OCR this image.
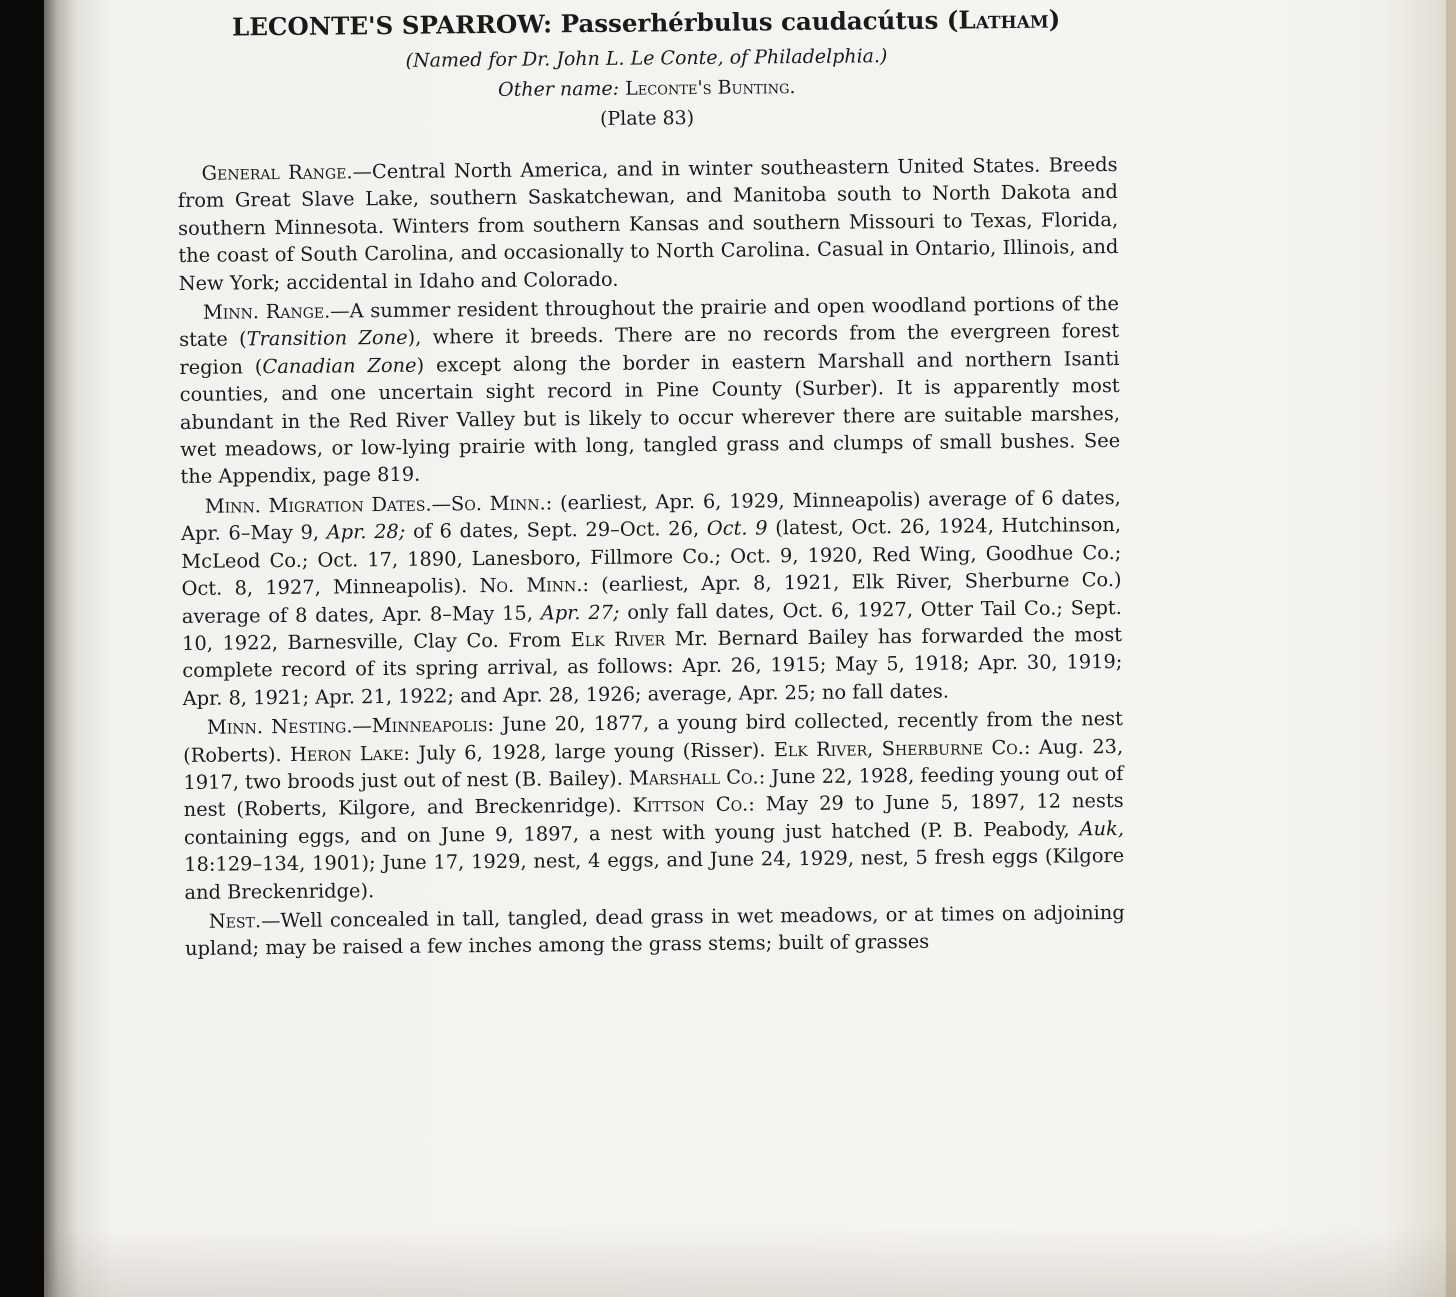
LECONTE'S SPARROW: Passerhérbulus caudacútus (Latham)

(Named for Dr. John L. Le Conte, of Philadelphia.)

Other name: Leconte's Bunting.

(Plate 83)

General Range.—Central North America, and in winter southeastern United States. Breeds from Great Slave Lake, southern Saskatchewan, and Manitoba south to North Dakota and southern Minnesota. Winters from southern Kansas and southern Missouri to Texas, Florida, the coast of South Carolina, and occasionally to North Carolina. Casual in Ontario, Illinois, and New York; accidental in Idaho and Colorado.

Minn. Range.—A summer resident throughout the prairie and open woodland portions of the state (Transition Zone), where it breeds. There are no records from the evergreen forest region (Canadian Zone) except along the border in eastern Marshall and northern Isanti counties, and one uncertain sight record in Pine County (Surber). It is apparently most abundant in the Red River Valley but is likely to occur wherever there are suitable marshes, wet meadows, or low-lying prairie with long, tangled grass and clumps of small bushes. See the Appendix, page 819.

Minn. Migration Dates.—So. Minn.: (earliest, Apr. 6, 1929, Minneapolis) average of 6 dates, Apr. 6–May 9, Apr. 28; of 6 dates, Sept. 29–Oct. 26, Oct. 9 (latest, Oct. 26, 1924, Hutchinson, McLeod Co.; Oct. 17, 1890, Lanesboro, Fillmore Co.; Oct. 9, 1920, Red Wing, Goodhue Co.; Oct. 8, 1927, Minneapolis). No. Minn.: (earliest, Apr. 8, 1921, Elk River, Sherburne Co.) average of 8 dates, Apr. 8–May 15, Apr. 27; only fall dates, Oct. 6, 1927, Otter Tail Co.; Sept. 10, 1922, Barnesville, Clay Co. From Elk River Mr. Bernard Bailey has forwarded the most complete record of its spring arrival, as follows: Apr. 26, 1915; May 5, 1918; Apr. 30, 1919; Apr. 8, 1921; Apr. 21, 1922; and Apr. 28, 1926; average, Apr. 25; no fall dates.

Minn. Nesting.—Minneapolis: June 20, 1877, a young bird collected, recently from the nest (Roberts). Heron Lake: July 6, 1928, large young (Risser). Elk River, Sherburne Co.: Aug. 23, 1917, two broods just out of nest (B. Bailey). Marshall Co.: June 22, 1928, feeding young out of nest (Roberts, Kilgore, and Breckenridge). Kittson Co.: May 29 to June 5, 1897, 12 nests containing eggs, and on June 9, 1897, a nest with young just hatched (P. B. Peabody, Auk, 18:129–134, 1901); June 17, 1929, nest, 4 eggs, and June 24, 1929, nest, 5 fresh eggs (Kilgore and Breckenridge).

Nest.—Well concealed in tall, tangled, dead grass in wet meadows, or at times on adjoining upland; may be raised a few inches among the grass stems; built of grasses
